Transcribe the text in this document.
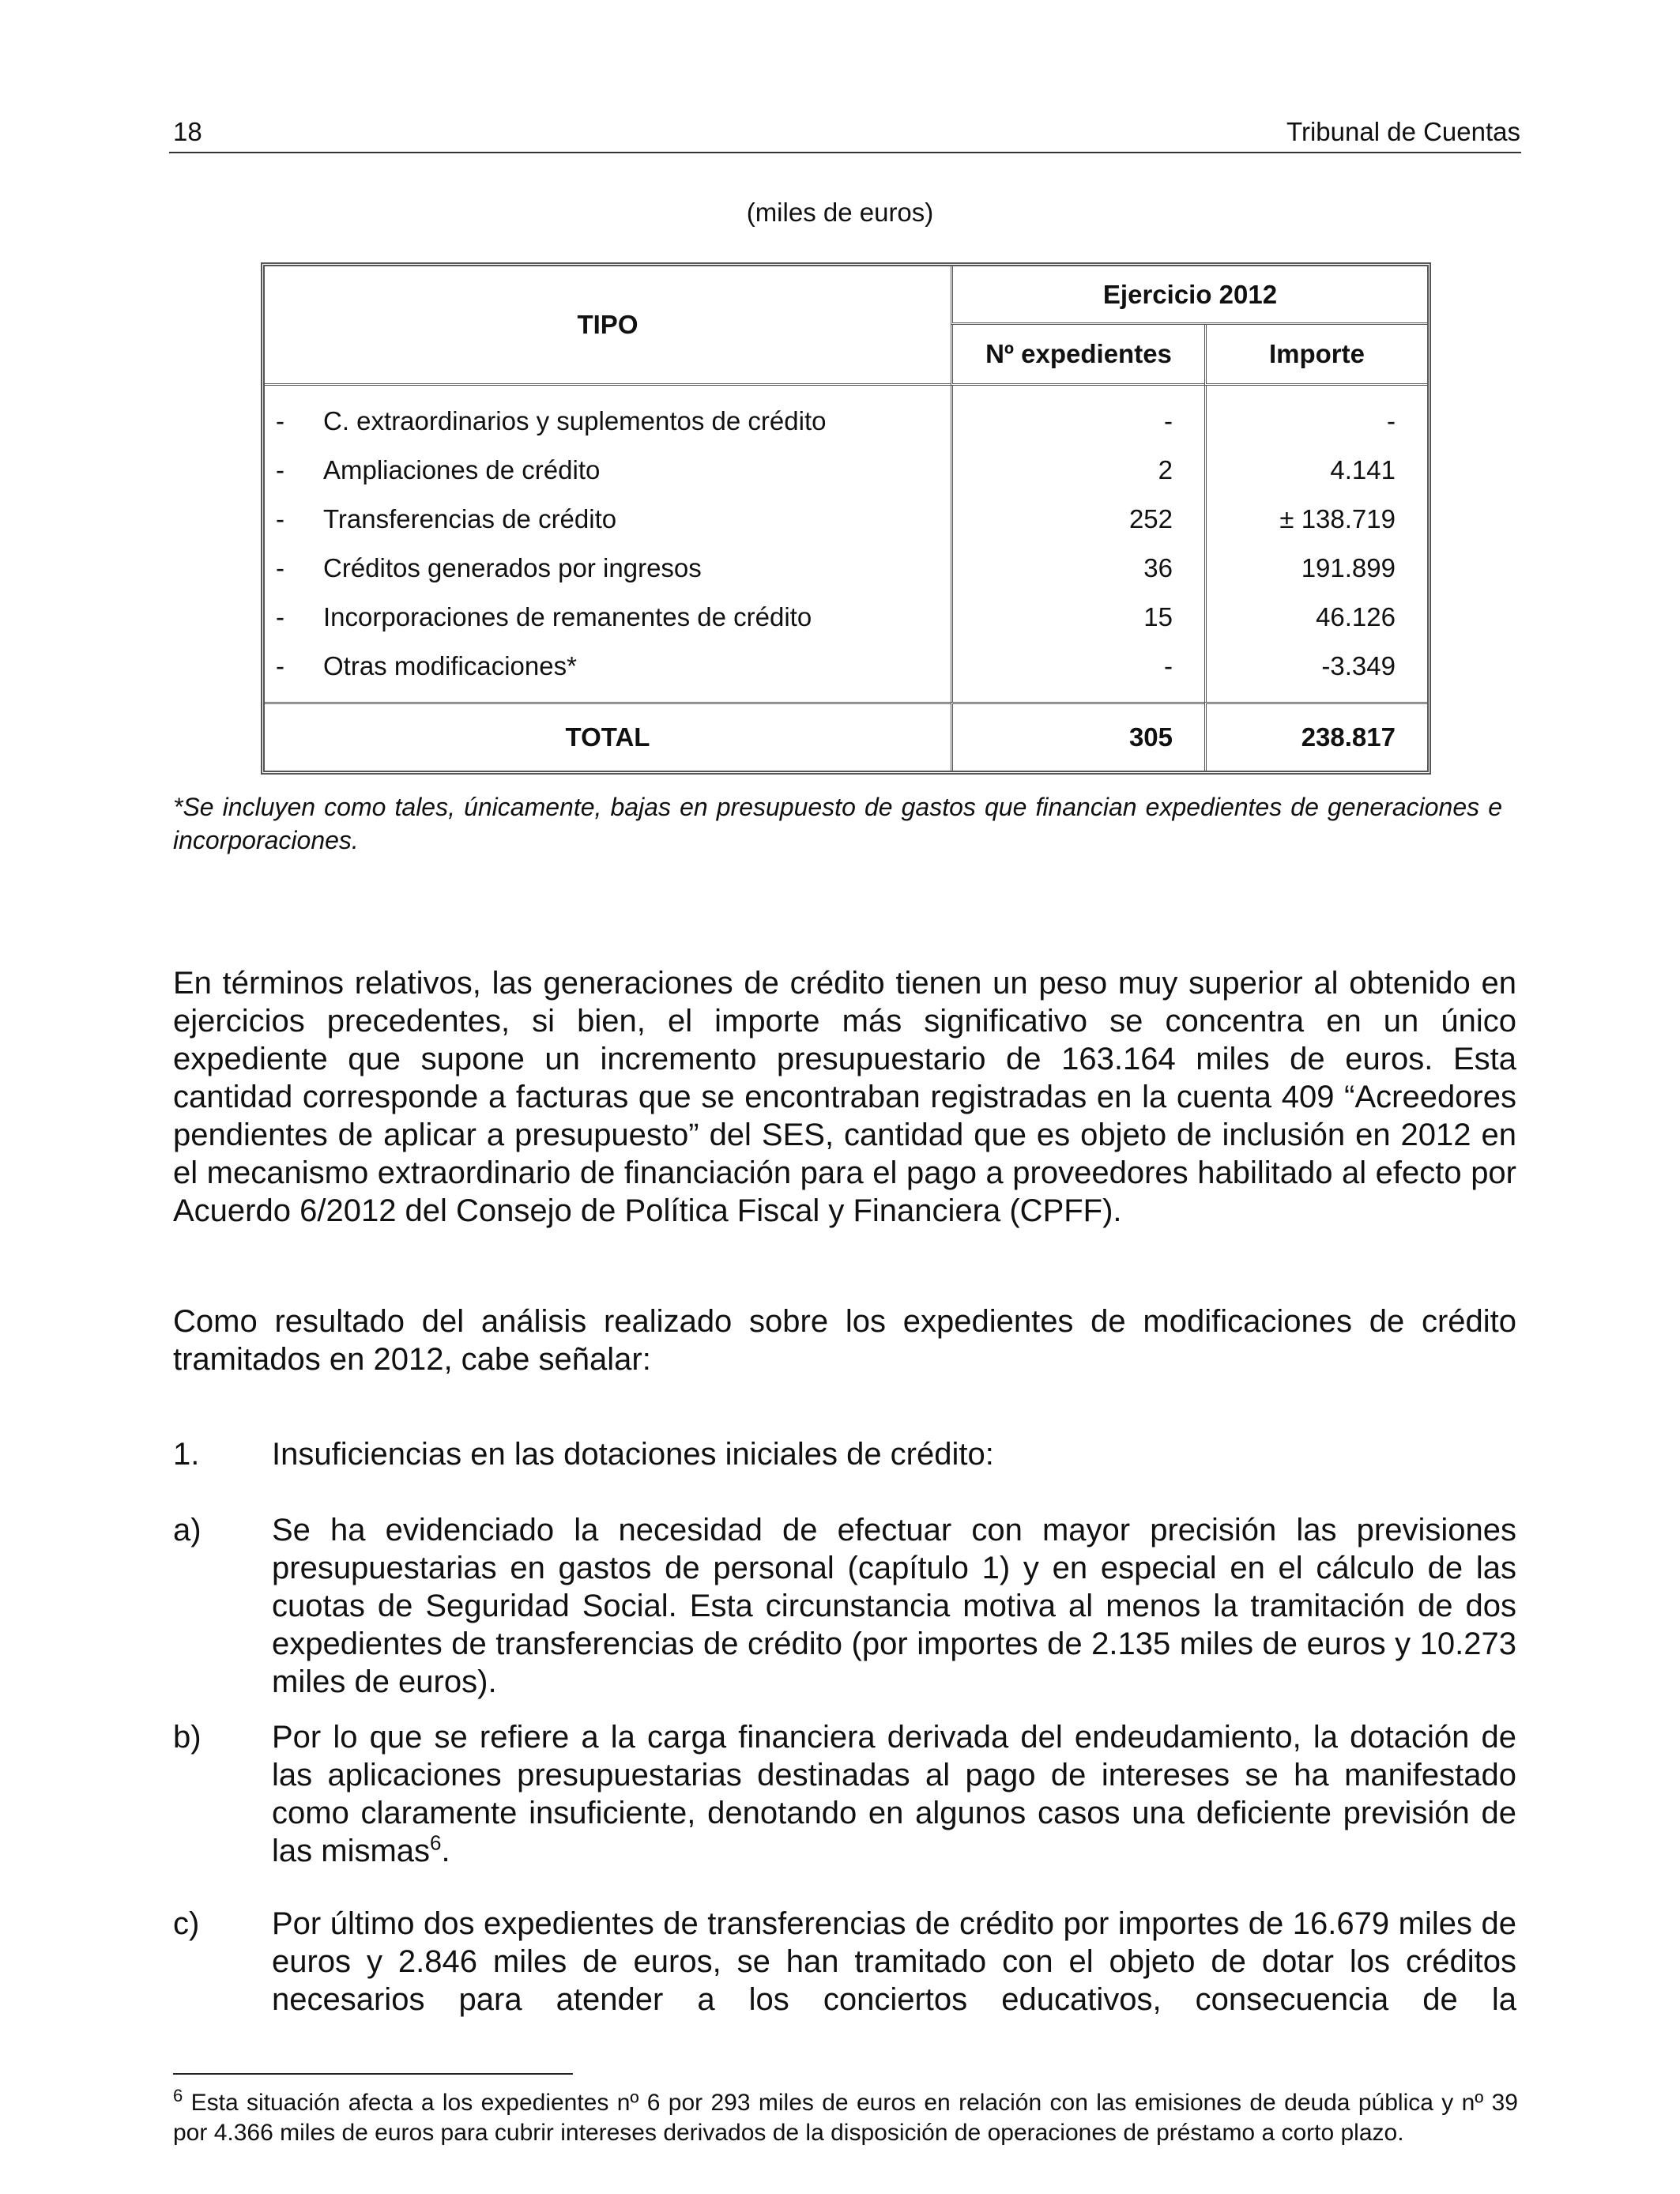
18	Tribunal de Cuentas
(miles de euros)
TIPO	Ejercicio 2012	
	Nº expedientes	Importe
- C. extraordinarios y suplementos de crédito	-	-
- Ampliaciones de crédito	2	4.141
- Transferencias de crédito	252	± 138.719
- Créditos generados por ingresos	36	191.899
- Incorporaciones de remanentes de crédito	15	46.126
- Otras modificaciones*	-	-3.349
TOTAL	305	238.817
*Se incluyen como tales, únicamente, bajas en presupuesto de gastos que financian expedientes de generaciones e incorporaciones.
En términos relativos, las generaciones de crédito tienen un peso muy superior al obtenido en ejercicios precedentes, si bien, el importe más significativo se concentra en un único expediente que supone un incremento presupuestario de 163.164 miles de euros. Esta cantidad corresponde a facturas que se encontraban registradas en la cuenta 409 “Acreedores pendientes de aplicar a presupuesto” del SES, cantidad que es objeto de inclusión en 2012 en el mecanismo extraordinario de financiación para el pago a proveedores habilitado al efecto por Acuerdo 6/2012 del Consejo de Política Fiscal y Financiera (CPFF).
Como resultado del análisis realizado sobre los expedientes de modificaciones de crédito tramitados en 2012, cabe señalar:
1. Insuficiencias en las dotaciones iniciales de crédito:
a) Se ha evidenciado la necesidad de efectuar con mayor precisión las previsiones presupuestarias en gastos de personal (capítulo 1) y en especial en el cálculo de las cuotas de Seguridad Social. Esta circunstancia motiva al menos la tramitación de dos expedientes de transferencias de crédito (por importes de 2.135 miles de euros y 10.273 miles de euros).
b) Por lo que se refiere a la carga financiera derivada del endeudamiento, la dotación de las aplicaciones presupuestarias destinadas al pago de intereses se ha manifestado como claramente insuficiente, denotando en algunos casos una deficiente previsión de las mismas$^6$.
c) Por último dos expedientes de transferencias de crédito por importes de 16.679 miles de euros y 2.846 miles de euros, se han tramitado con el objeto de dotar los créditos necesarios para atender a los conciertos educativos, consecuencia de la
$^6$ Esta situación afecta a los expedientes nº 6 por 293 miles de euros en relación con las emisiones de deuda pública y nº 39 por 4.366 miles de euros para cubrir intereses derivados de la disposición de operaciones de préstamo a corto plazo.
